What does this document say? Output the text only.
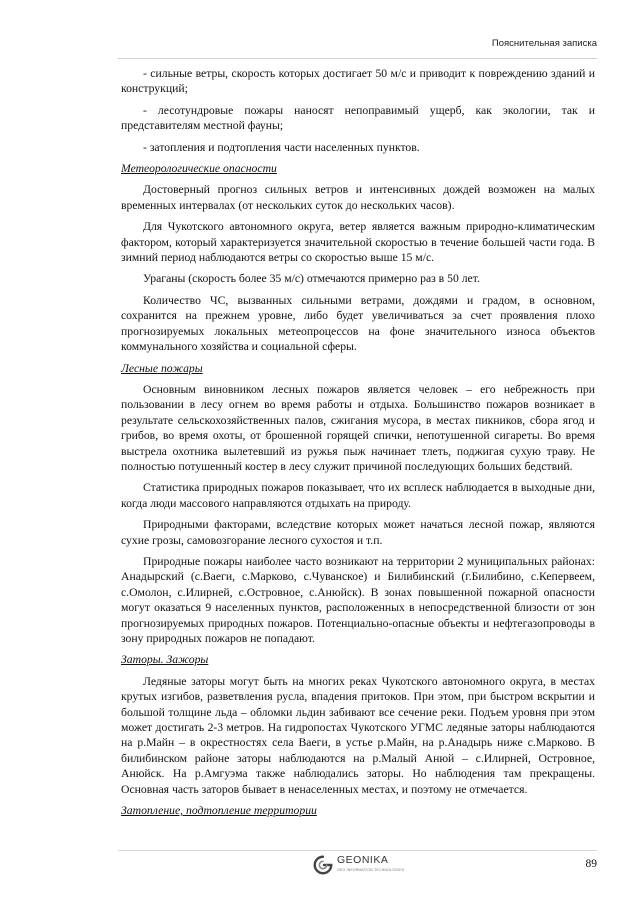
Пояснительная записка

- сильные ветры, скорость которых достигает 50 м/с и приводит к повреждению зданий и конструкций;

- лесотундровые пожары наносят непоправимый ущерб, как экологии, так и представителям местной фауны;

- затопления и подтопления части населенных пунктов.

Метеорологические опасности

Достоверный прогноз сильных ветров и интенсивных дождей возможен на малых временных интервалах (от нескольких суток до нескольких часов).

Для Чукотского автономного округа, ветер является важным природно-климатическим фактором, который характеризуется значительной скоростью в течение большей части года. В зимний период наблюдаются ветры со скоростью выше 15 м/с.

Ураганы (скорость более 35 м/с) отмечаются примерно раз в 50 лет.

Количество ЧС, вызванных сильными ветрами, дождями и градом, в основном, сохранится на прежнем уровне, либо будет увеличиваться за счет проявления плохо прогнозируемых локальных метеопроцессов на фоне значительного износа объектов коммунального хозяйства и социальной сферы.

Лесные пожары

Основным виновником лесных пожаров является человек – его небрежность при пользовании в лесу огнем во время работы и отдыха. Большинство пожаров возникает в результате сельскохозяйственных палов, сжигания мусора, в местах пикников, сбора ягод и грибов, во время охоты, от брошенной горящей спички, непотушенной сигареты. Во время выстрела охотника вылетевший из ружья пыж начинает тлеть, поджигая сухую траву. Не полностью потушенный костер в лесу служит причиной последующих больших бедствий.

Статистика природных пожаров показывает, что их всплеск наблюдается в выходные дни, когда люди массового направляются отдыхать на природу.

Природными факторами, вследствие которых может начаться лесной пожар, являются сухие грозы, самовозгорание лесного сухостоя и т.п.

Природные пожары наиболее часто возникают на территории 2 муниципальных районах: Анадырский (с.Ваеги, с.Марково, с.Чуванское) и Билибинский (г.Билибино, с.Кепервеем, с.Омолон, с.Илирней, с.Островное, с.Анюйск). В зонах повышенной пожарной опасности могут оказаться 9 населенных пунктов, расположенных в непосредственной близости от зон прогнозируемых природных пожаров. Потенциально-опасные объекты и нефтегазопроводы в зону природных пожаров не попадают.

Заторы. Зажоры

Ледяные заторы могут быть на многих реках Чукотского автономного округа, в местах крутых изгибов, разветвления русла, впадения притоков. При этом, при быстром вскрытии и большой толщине льда – обломки льдин забивают все сечение реки. Подъем уровня при этом может достигать 2-3 метров. На гидропостах Чукотского УГМС ледяные заторы наблюдаются на р.Майн – в окрестностях села Ваеги, в устье р.Майн, на р.Анадырь ниже с.Марково. В билибинском районе заторы наблюдаются на р.Малый Анюй – с.Илирней, Островное, Анюйск. На р.Амгуэма также наблюдались заторы. Но наблюдения там прекращены. Основная часть заторов бывает в ненаселенных местах, и поэтому не отмечается.

Затопление, подтопление территории

GEONIKA
GEO INFORMATION TECHNOLOGIES	89
